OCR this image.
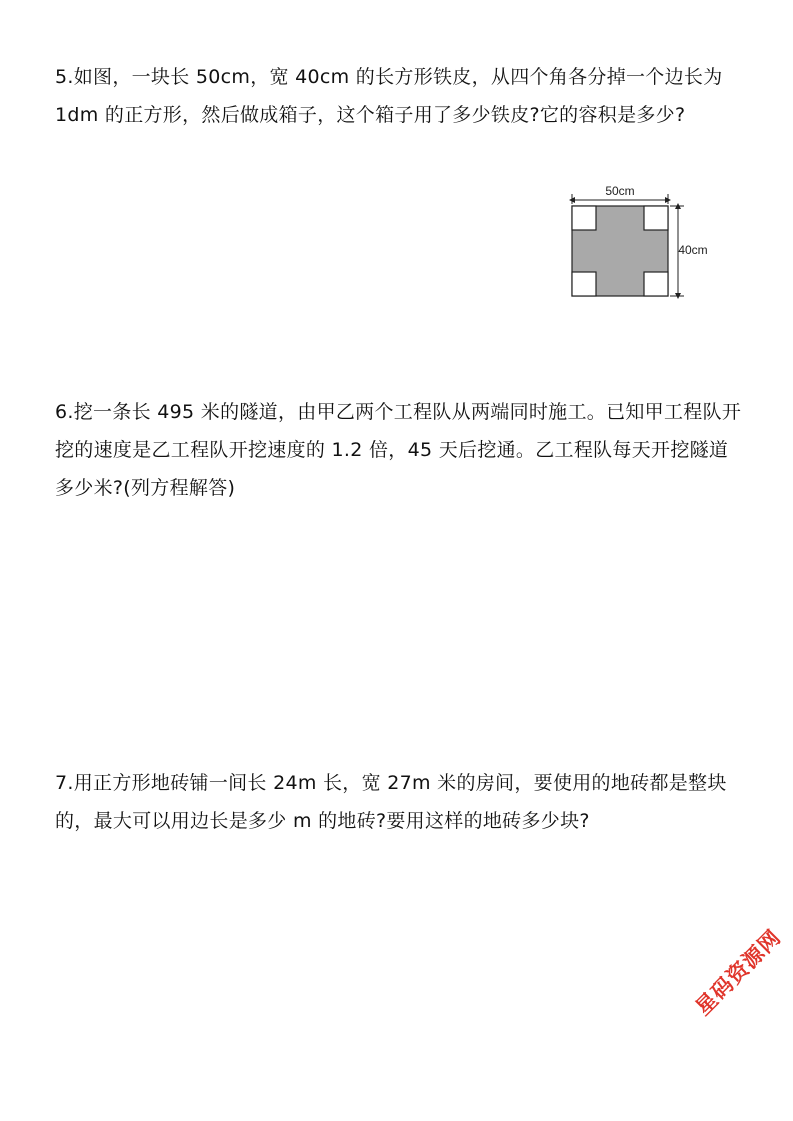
5.如图，一块长 50cm，宽 40cm 的长方形铁皮，从四个角各分掉一个边长为 1dm 的正方形，然后做成箱子，这个箱子用了多少铁皮?它的容积是多少?

50cm
40cm

6.挖一条长 495 米的隧道，由甲乙两个工程队从两端同时施工。已知甲工程队开挖的速度是乙工程队开挖速度的 1.2 倍，45 天后挖通。乙工程队每天开挖隧道多少米?(列方程解答)

7.用正方形地砖铺一间长 24m 长，宽 27m 米的房间，要使用的地砖都是整块的，最大可以用边长是多少 m 的地砖?要用这样的地砖多少块?

星码资源网
